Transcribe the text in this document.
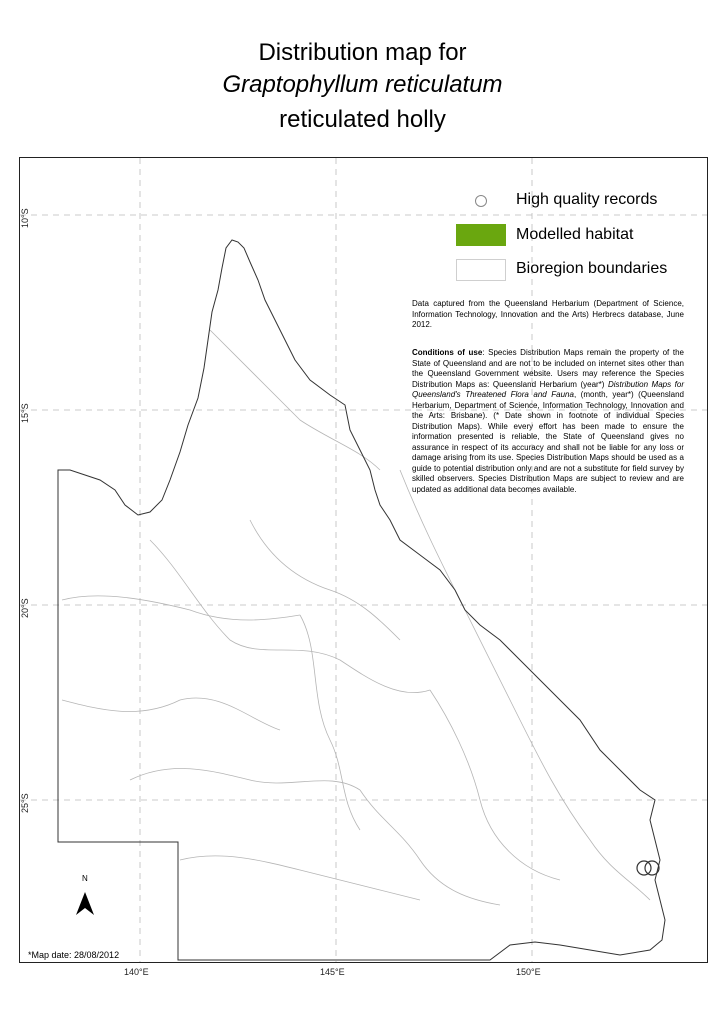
Distribution map for
Graptophyllum reticulatum
reticulated holly
High quality records
Modelled habitat
Bioregion boundaries
Data captured from the Queensland Herbarium (Department of Science, Information Technology, Innovation and the Arts) Herbrecs database, June 2012.
Conditions of use: Species Distribution Maps remain the property of the State of Queensland and are not to be included on internet sites other than the Queensland Government website. Users may reference the Species Distribution Maps as: Queensland Herbarium (year*) Distribution Maps for Queensland's Threatened Flora and Fauna, (month, year*) (Queensland Herbarium, Department of Science, Information Technology, Innovation and the Arts: Brisbane). (* Date shown in footnote of individual Species Distribution Maps). While every effort has been made to ensure the information presented is reliable, the State of Queensland gives no assurance in respect of its accuracy and shall not be liable for any loss or damage arising from its use. Species Distribution Maps should be used as a guide to potential distribution only and are not a substitute for field survey by skilled observers. Species Distribution Maps are subject to review and are updated as additional data becomes available.
N
*Map date: 28/08/2012
140°E	145°E	150°E
10°S
15°S
20°S
25°S
